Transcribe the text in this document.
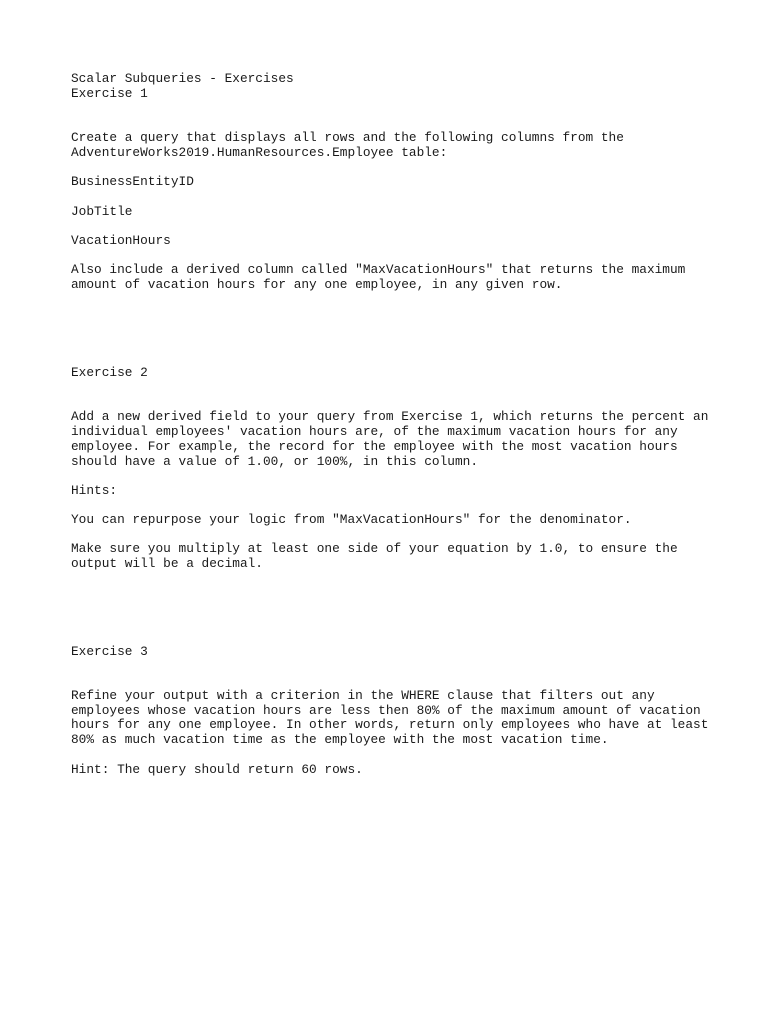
Scalar Subqueries - Exercises

Exercise 1

Create a query that displays all rows and the following columns from the

AdventureWorks2019.HumanResources.Employee table:

BusinessEntityID

JobTitle

VacationHours

Also include a derived column called "MaxVacationHours" that returns the maximum

amount of vacation hours for any one employee, in any given row.

Exercise 2

Add a new derived field to your query from Exercise 1, which returns the percent an

individual employees' vacation hours are, of the maximum vacation hours for any

employee. For example, the record for the employee with the most vacation hours

should have a value of 1.00, or 100%, in this column.

Hints:

You can repurpose your logic from "MaxVacationHours" for the denominator.

Make sure you multiply at least one side of your equation by 1.0, to ensure the

output will be a decimal.

Exercise 3

Refine your output with a criterion in the WHERE clause that filters out any

employees whose vacation hours are less then 80% of the maximum amount of vacation

hours for any one employee. In other words, return only employees who have at least

80% as much vacation time as the employee with the most vacation time.

Hint: The query should return 60 rows.
